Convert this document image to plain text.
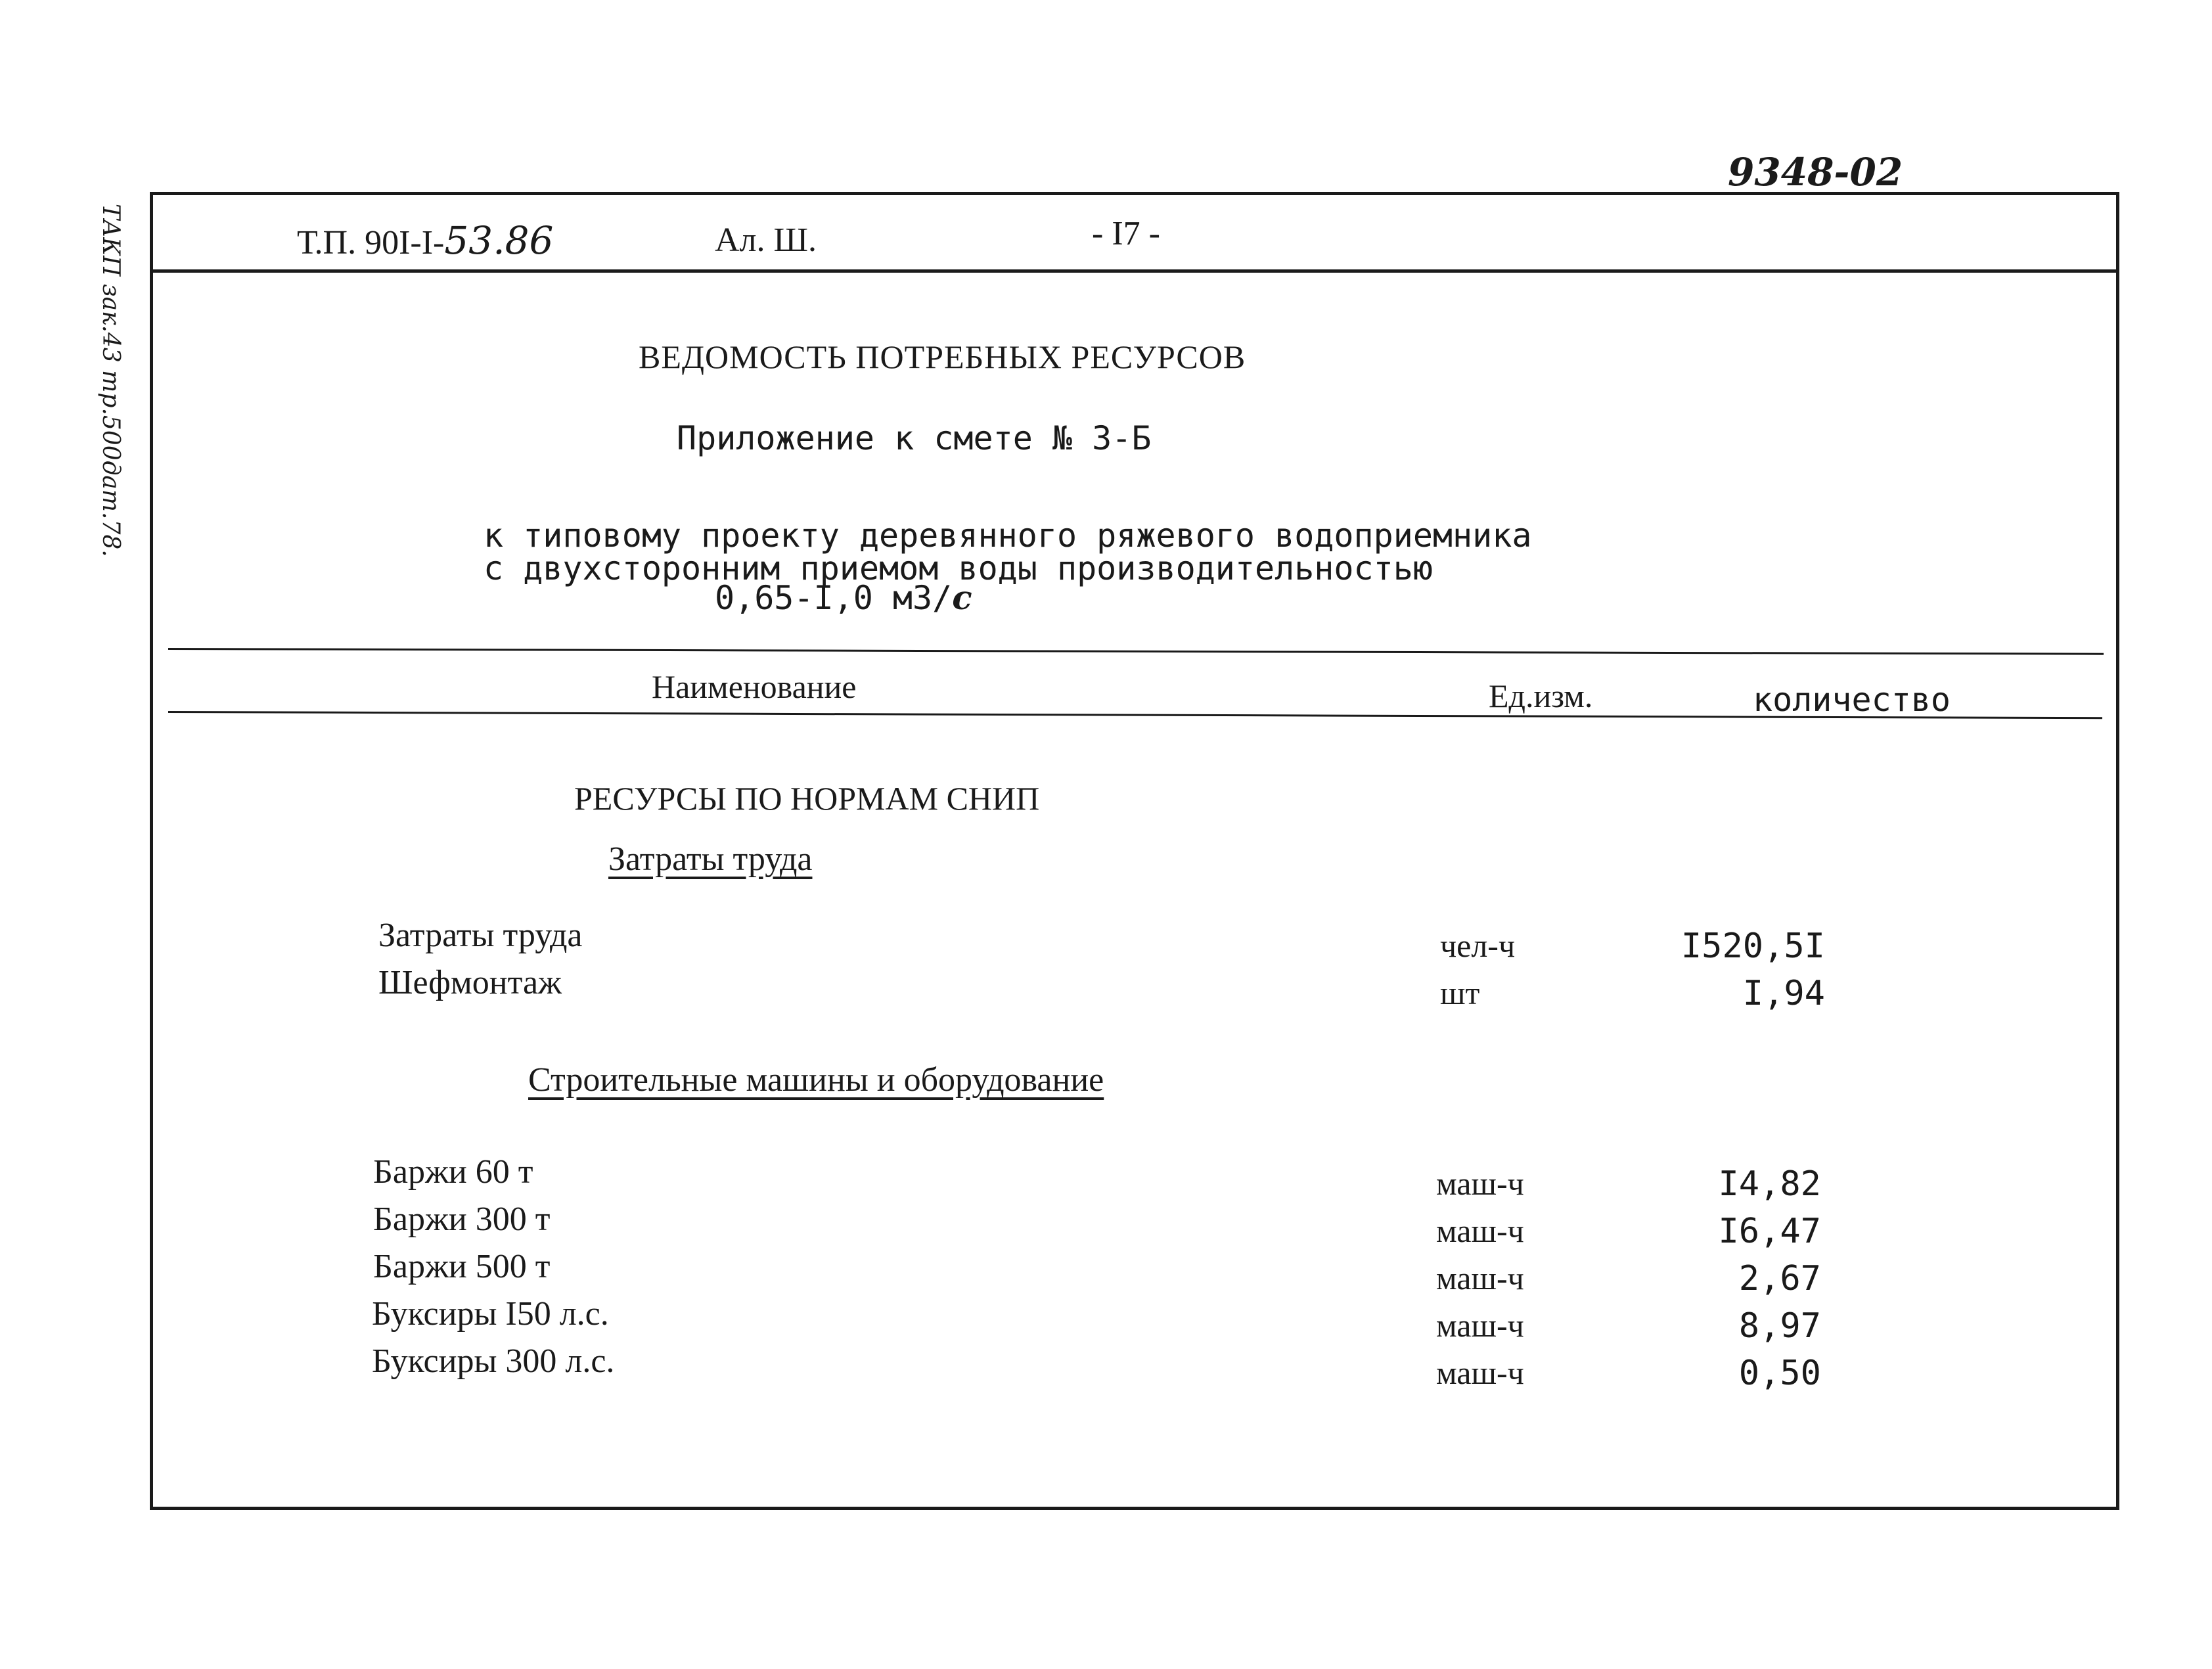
ТАКП зак.43 тр.500дат.78.
9348-02
Т.П. 90I-I-53.86	Ал. Ш.	- I7 -
ВЕДОМОСТЬ ПОТРЕБНЫХ РЕСУРСОВ
Приложение к смете № 3-Б
к типовому проекту деревянного ряжевого водоприемника
с двухсторонним приемом воды производительностью
0,65-I,0 м3/с
Наименование	Ед.изм.	количество
РЕСУРСЫ ПО НОРМАМ СНИП
Затраты труда
Затраты труда	чел-ч	I520,5I
Шефмонтаж	шт	I,94
Строительные машины и оборудование
Баржи 60 т	маш-ч	I4,82
Баржи 300 т	маш-ч	I6,47
Баржи 500 т	маш-ч	2,67
Буксиры I50 л.с.	маш-ч	8,97
Буксиры 300 л.с.	маш-ч	0,50
